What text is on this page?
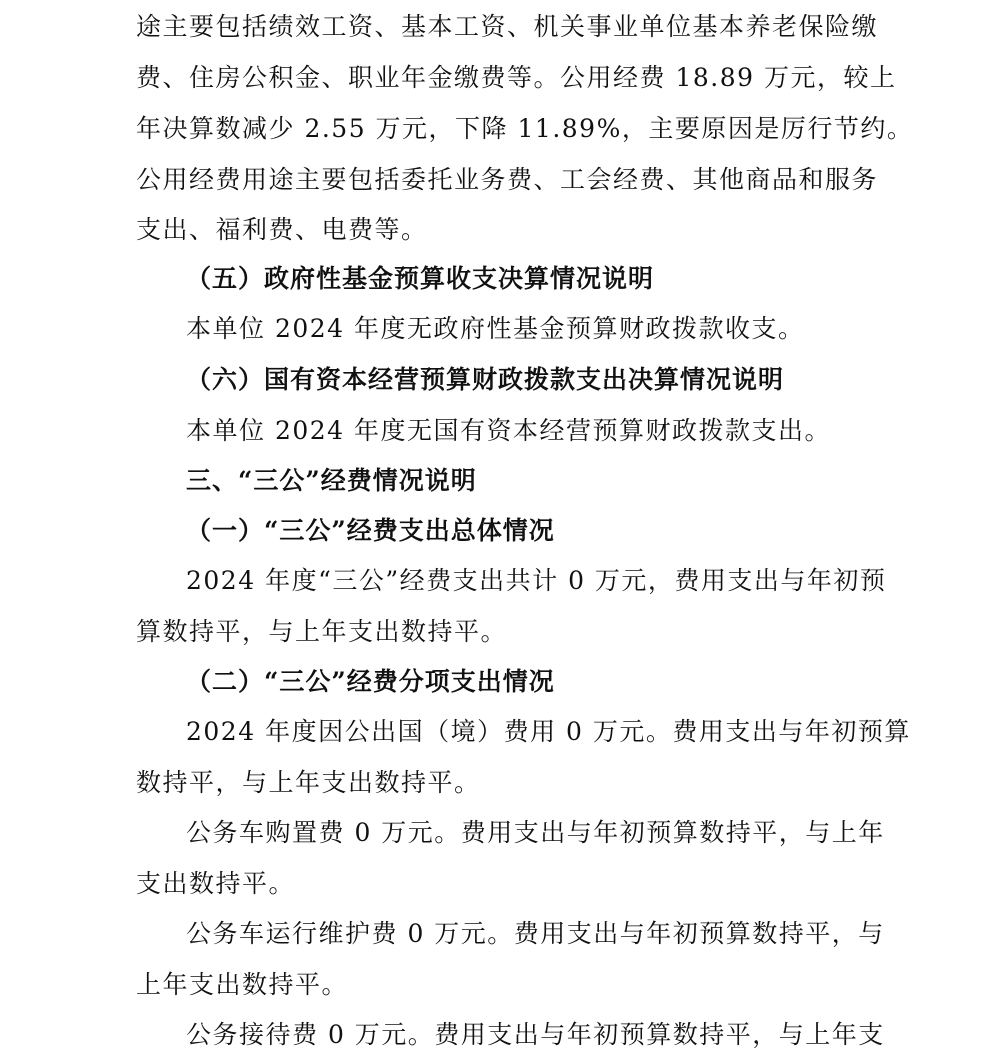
途主要包括绩效工资、基本工资、机关事业单位基本养老保险缴
费、住房公积金、职业年金缴费等。公用经费 18.89 万元，较上
年决算数减少 2.55 万元，下降 11.89%，主要原因是厉行节约。
公用经费用途主要包括委托业务费、工会经费、其他商品和服务
支出、福利费、电费等。
（五）政府性基金预算收支决算情况说明
本单位 2024 年度无政府性基金预算财政拨款收支。
（六）国有资本经营预算财政拨款支出决算情况说明
本单位 2024 年度无国有资本经营预算财政拨款支出。
三、“三公”经费情况说明
（一）“三公”经费支出总体情况
2024 年度“三公”经费支出共计 0 万元，费用支出与年初预
算数持平，与上年支出数持平。
（二）“三公”经费分项支出情况
2024 年度因公出国（境）费用 0 万元。费用支出与年初预算
数持平，与上年支出数持平。
公务车购置费 0 万元。费用支出与年初预算数持平，与上年
支出数持平。
公务车运行维护费 0 万元。费用支出与年初预算数持平，与
上年支出数持平。
公务接待费 0 万元。费用支出与年初预算数持平，与上年支
